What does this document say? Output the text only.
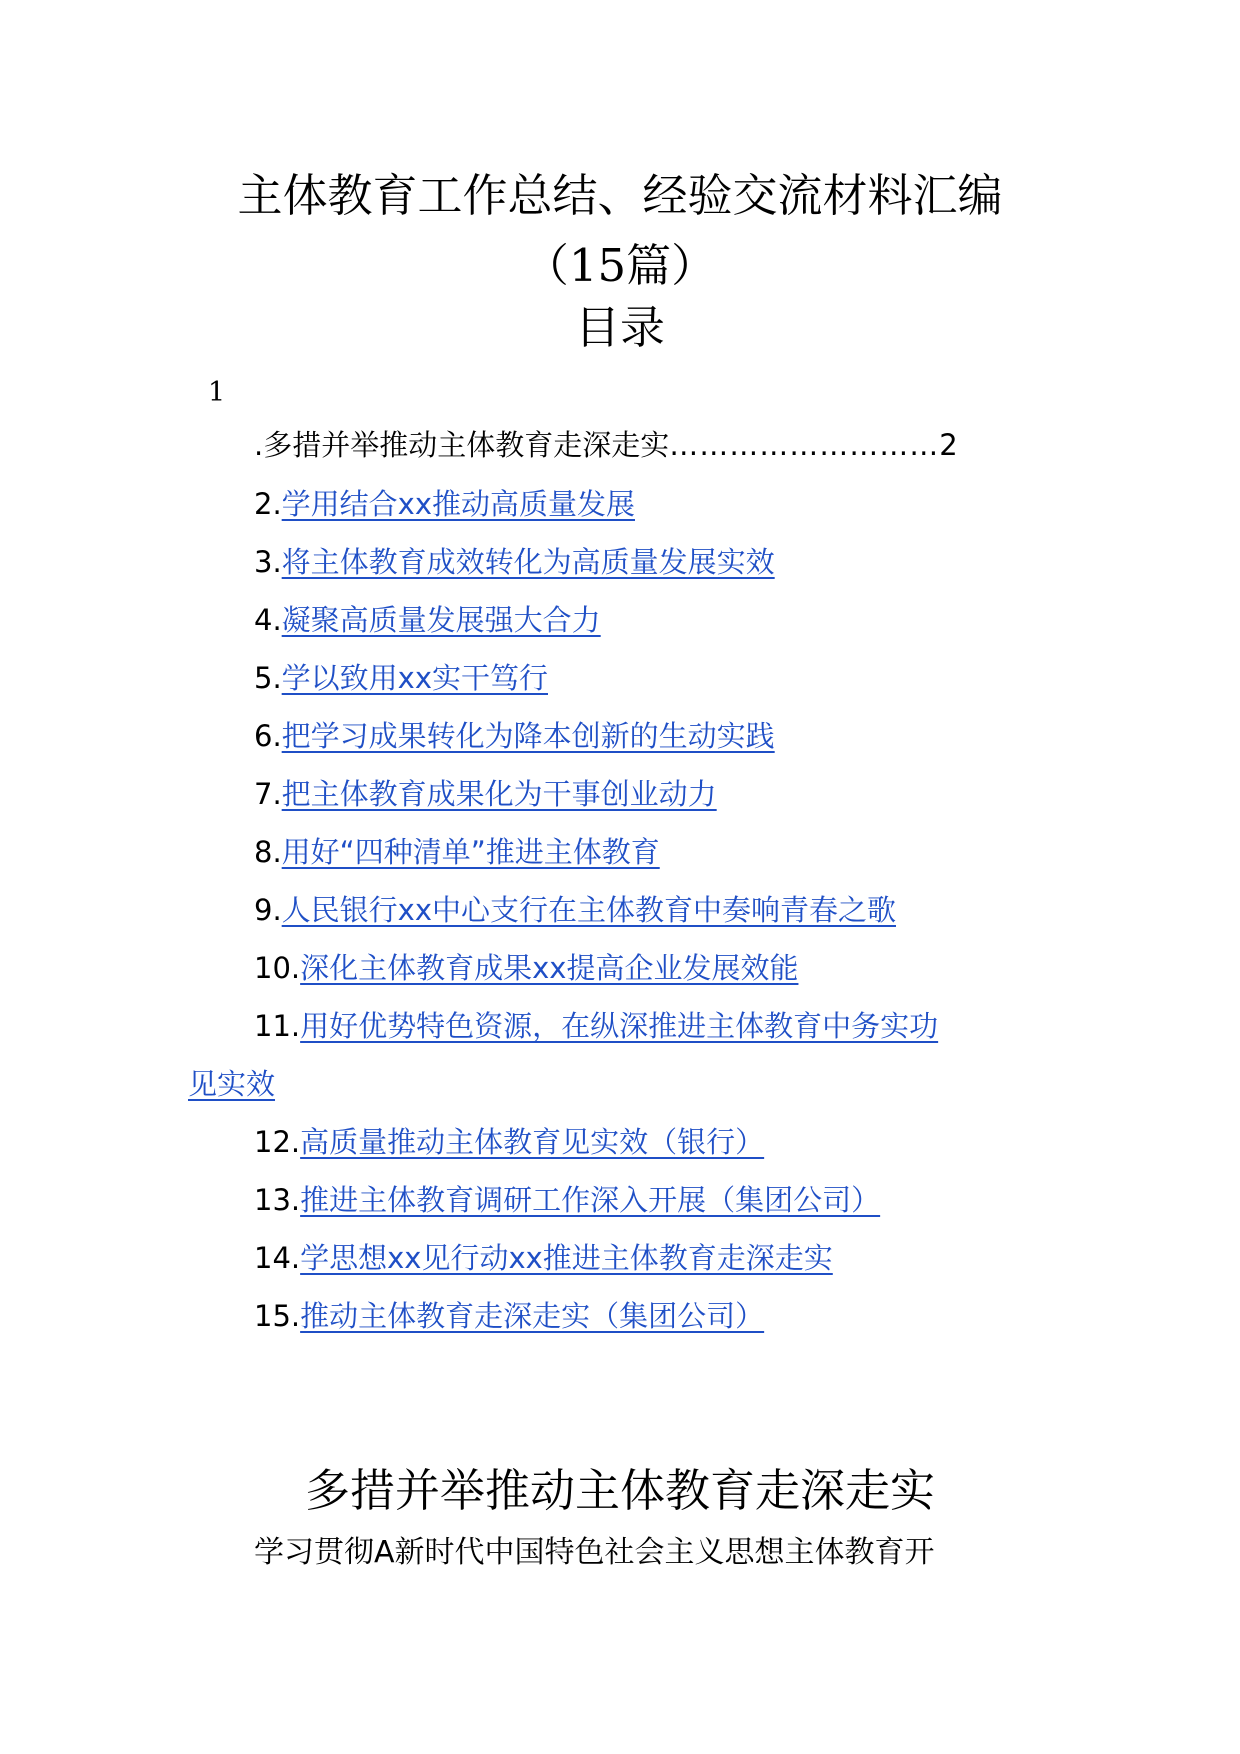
主体教育工作总结、经验交流材料汇编
（15篇）
目录
1
.多措并举推动主体教育走深走实………………………2
2.学用结合xx推动高质量发展
3.将主体教育成效转化为高质量发展实效
4.凝聚高质量发展强大合力
5.学以致用xx实干笃行
6.把学习成果转化为降本创新的生动实践
7.把主体教育成果化为干事创业动力
8.用好“四种清单”推进主体教育
9.人民银行xx中心支行在主体教育中奏响青春之歌
10.深化主体教育成果xx提高企业发展效能
11.用好优势特色资源，在纵深推进主体教育中务实功
见实效
12.高质量推动主体教育见实效（银行）
13.推进主体教育调研工作深入开展（集团公司）
14.学思想xx见行动xx推进主体教育走深走实
15.推动主体教育走深走实（集团公司）
多措并举推动主体教育走深走实
学习贯彻A新时代中国特色社会主义思想主体教育开
